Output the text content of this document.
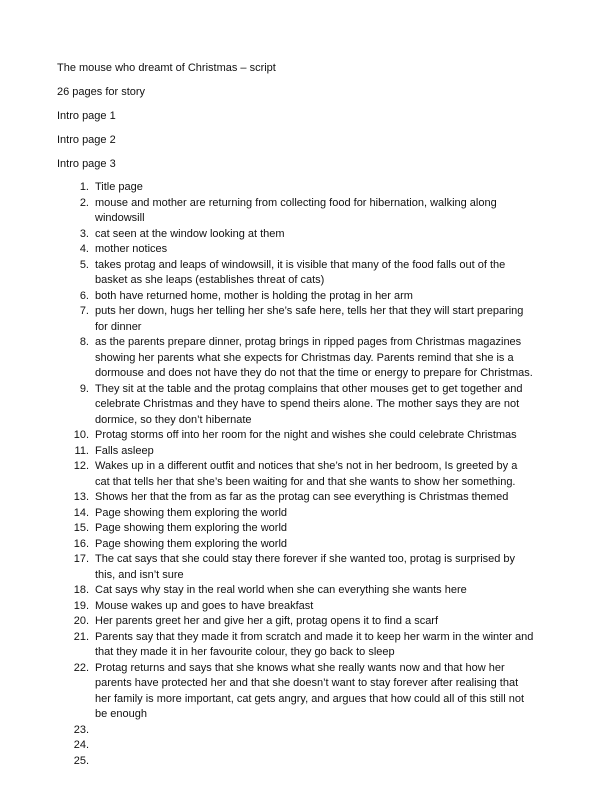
The mouse who dreamt of Christmas – script
26 pages for story
Intro page 1
Intro page 2
Intro page 3
1. Title page
2. mouse and mother are returning from collecting food for hibernation, walking along windowsill
3. cat seen at the window looking at them
4. mother notices
5. takes protag and leaps of windowsill, it is visible that many of the food falls out of the basket as she leaps (establishes threat of cats)
6. both have returned home, mother is holding the protag in her arm
7. puts her down, hugs her telling her she’s safe here, tells her that they will start preparing for dinner
8. as the parents prepare dinner, protag brings in ripped pages from Christmas magazines showing her parents what she expects for Christmas day. Parents remind that she is a dormouse and does not have they do not that the time or energy to prepare for Christmas.
9. They sit at the table and the protag complains that other mouses get to get together and celebrate Christmas and they have to spend theirs alone. The mother says they are not dormice, so they don’t hibernate
10. Protag storms off into her room for the night and wishes she could celebrate Christmas
11. Falls asleep
12. Wakes up in a different outfit and notices that she’s not in her bedroom, Is greeted by a cat that tells her that she’s been waiting for and that she wants to show her something.
13. Shows her that the from as far as the protag can see everything is Christmas themed
14. Page showing them exploring the world
15. Page showing them exploring the world
16. Page showing them exploring the world
17. The cat says that she could stay there forever if she wanted too, protag is surprised by this, and isn’t sure
18. Cat says why stay in the real world when she can everything she wants here
19. Mouse wakes up and goes to have breakfast
20. Her parents greet her and give her a gift, protag opens it to find a scarf
21. Parents say that they made it from scratch and made it to keep her warm in the winter and that they made it in her favourite colour, they go back to sleep
22. Protag returns and says that she knows what she really wants now and that how her parents have protected her and that she doesn’t want to stay forever after realising that her family is more important, cat gets angry, and argues that how could all of this still not be enough
23.
24.
25.
